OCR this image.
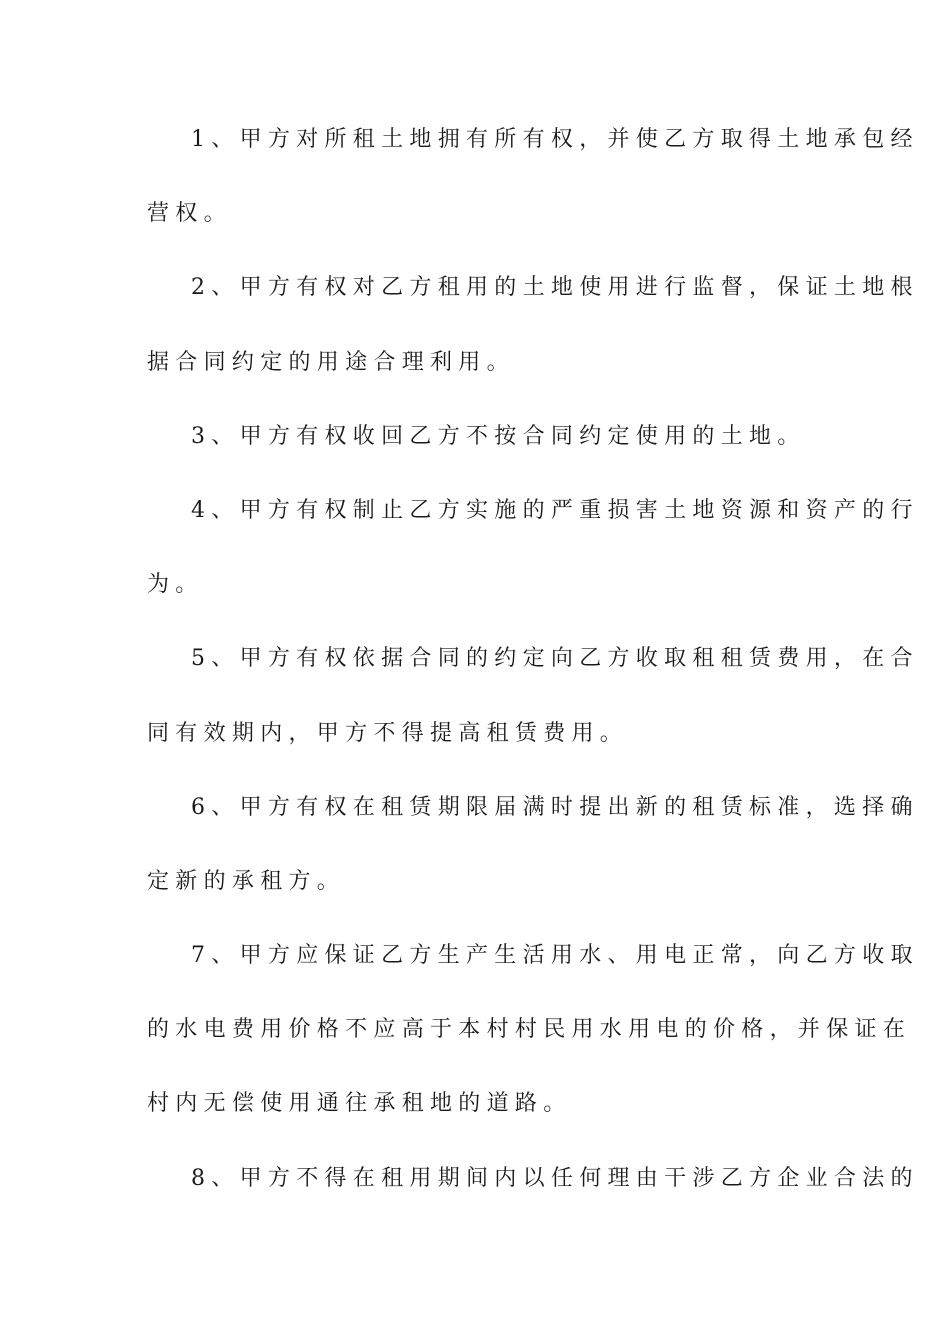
1、甲方对所租土地拥有所有权，并使乙方取得土地承包经
营权。
2、甲方有权对乙方租用的土地使用进行监督，保证土地根
据合同约定的用途合理利用。
3、甲方有权收回乙方不按合同约定使用的土地。
4、甲方有权制止乙方实施的严重损害土地资源和资产的行
为。
5、甲方有权依据合同的约定向乙方收取租租赁费用，在合
同有效期内，甲方不得提高租赁费用。
6、甲方有权在租赁期限届满时提出新的租赁标准，选择确
定新的承租方。
7、甲方应保证乙方生产生活用水、用电正常，向乙方收取
的水电费用价格不应高于本村村民用水用电的价格，并保证在
村内无偿使用通往承租地的道路。
8、甲方不得在租用期间内以任何理由干涉乙方企业合法的
